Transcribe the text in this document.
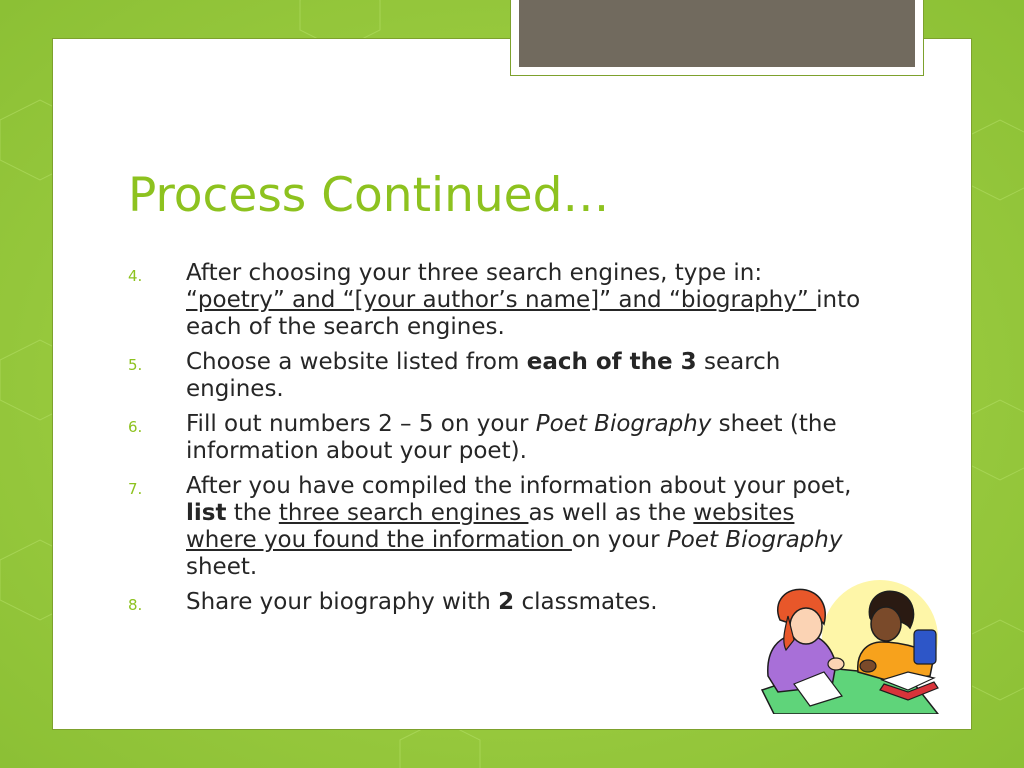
Process Continued…
4. After choosing your three search engines, type in: “poetry” and “[your author’s name]” and “biography” into each of the search engines.
5. Choose a website listed from each of the 3 search engines.
6. Fill out numbers 2 – 5 on your Poet Biography sheet (the information about your poet).
7. After you have compiled the information about your poet, list the three search engines as well as the websites where you found the information on your Poet Biography sheet.
8. Share your biography with 2 classmates.
